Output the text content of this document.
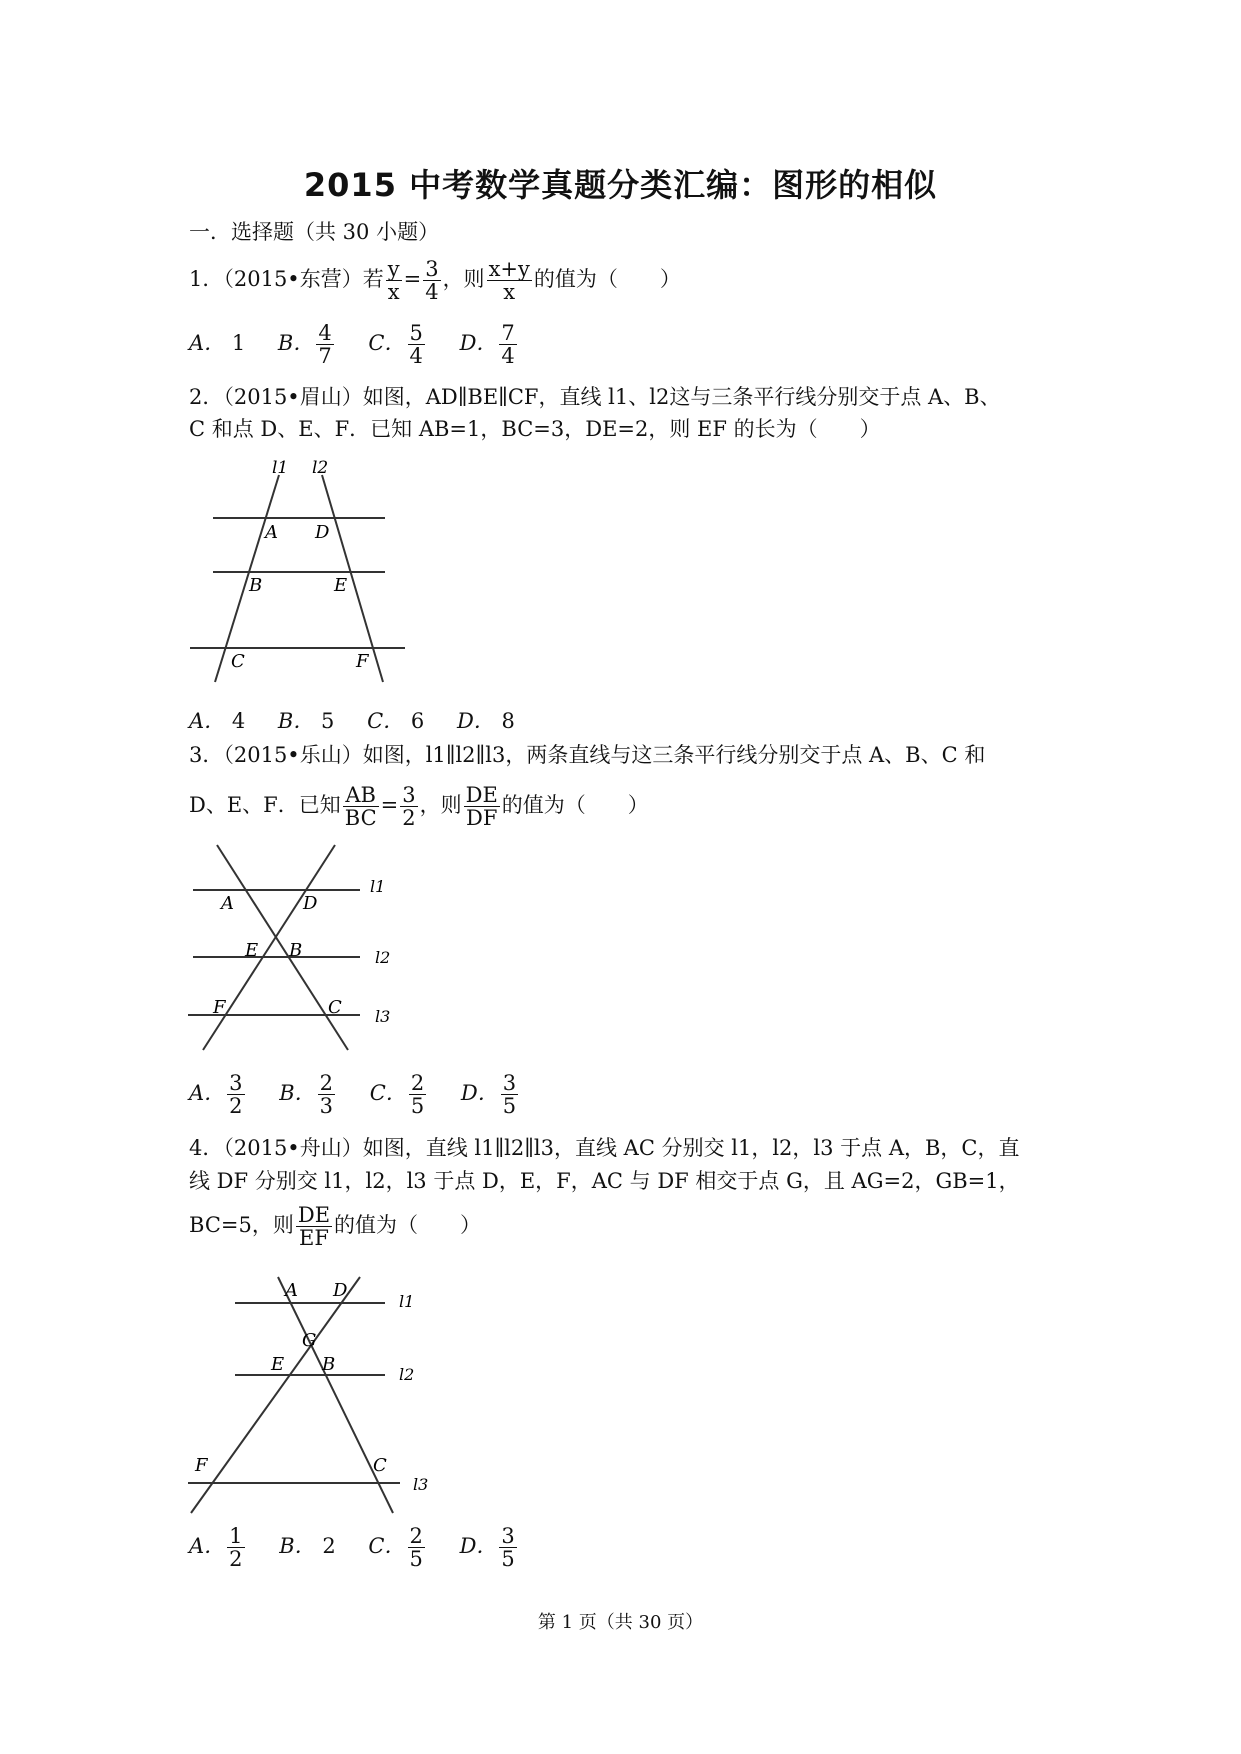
2015 中考数学真题分类汇编：图形的相似
一．选择题（共 30 小题）
1．（2015•东营）若 $\frac{y}{x} = \frac{3}{4}$ ，则 $\frac{x+y}{x}$ 的值为（　　）
A． 1 B． $\frac{4}{7}$ C． $\frac{5}{4}$ D． $\frac{7}{4}$
2．（2015•眉山）如图，AD∥BE∥CF，直线 l1、l2这与三条平行线分别交于点 A、B、
C 和点 D、E、F．已知 AB=1，BC=3，DE=2，则 EF 的长为（　　）
l1 l2
A D
B	E
C	F
A． 4 B． 5 C． 6 D． 8
3．（2015•乐山）如图，l1∥l2∥l3，两条直线与这三条平行线分别交于点 A、B、C 和
D、E、F．已知 $\frac{AB}{BC} = \frac{3}{2}$ ，则 $\frac{DE}{DF}$ 的值为（　　）
A	D
l1
E B	l2
F	C l3
A． $\frac{3}{2}$ B． $\frac{2}{3}$ C． $\frac{2}{5}$ D． $\frac{3}{5}$
4．（2015•舟山）如图，直线 l1∥l2∥l3，直线 AC 分别交 l1，l2，l3 于点 A，B，C，直
线 DF 分别交 l1，l2，l3 于点 D，E，F，AC 与 DF 相交于点 G，且 AG=2，GB=1，
BC=5，则 $\frac{DE}{EF}$ 的值为（　　）
A D
l1
G
E B	l2
F	C
l3
A． $\frac{1}{2}$ B． 2 C． $\frac{2}{5}$ D． $\frac{3}{5}$
第 1 页（共 30 页）
